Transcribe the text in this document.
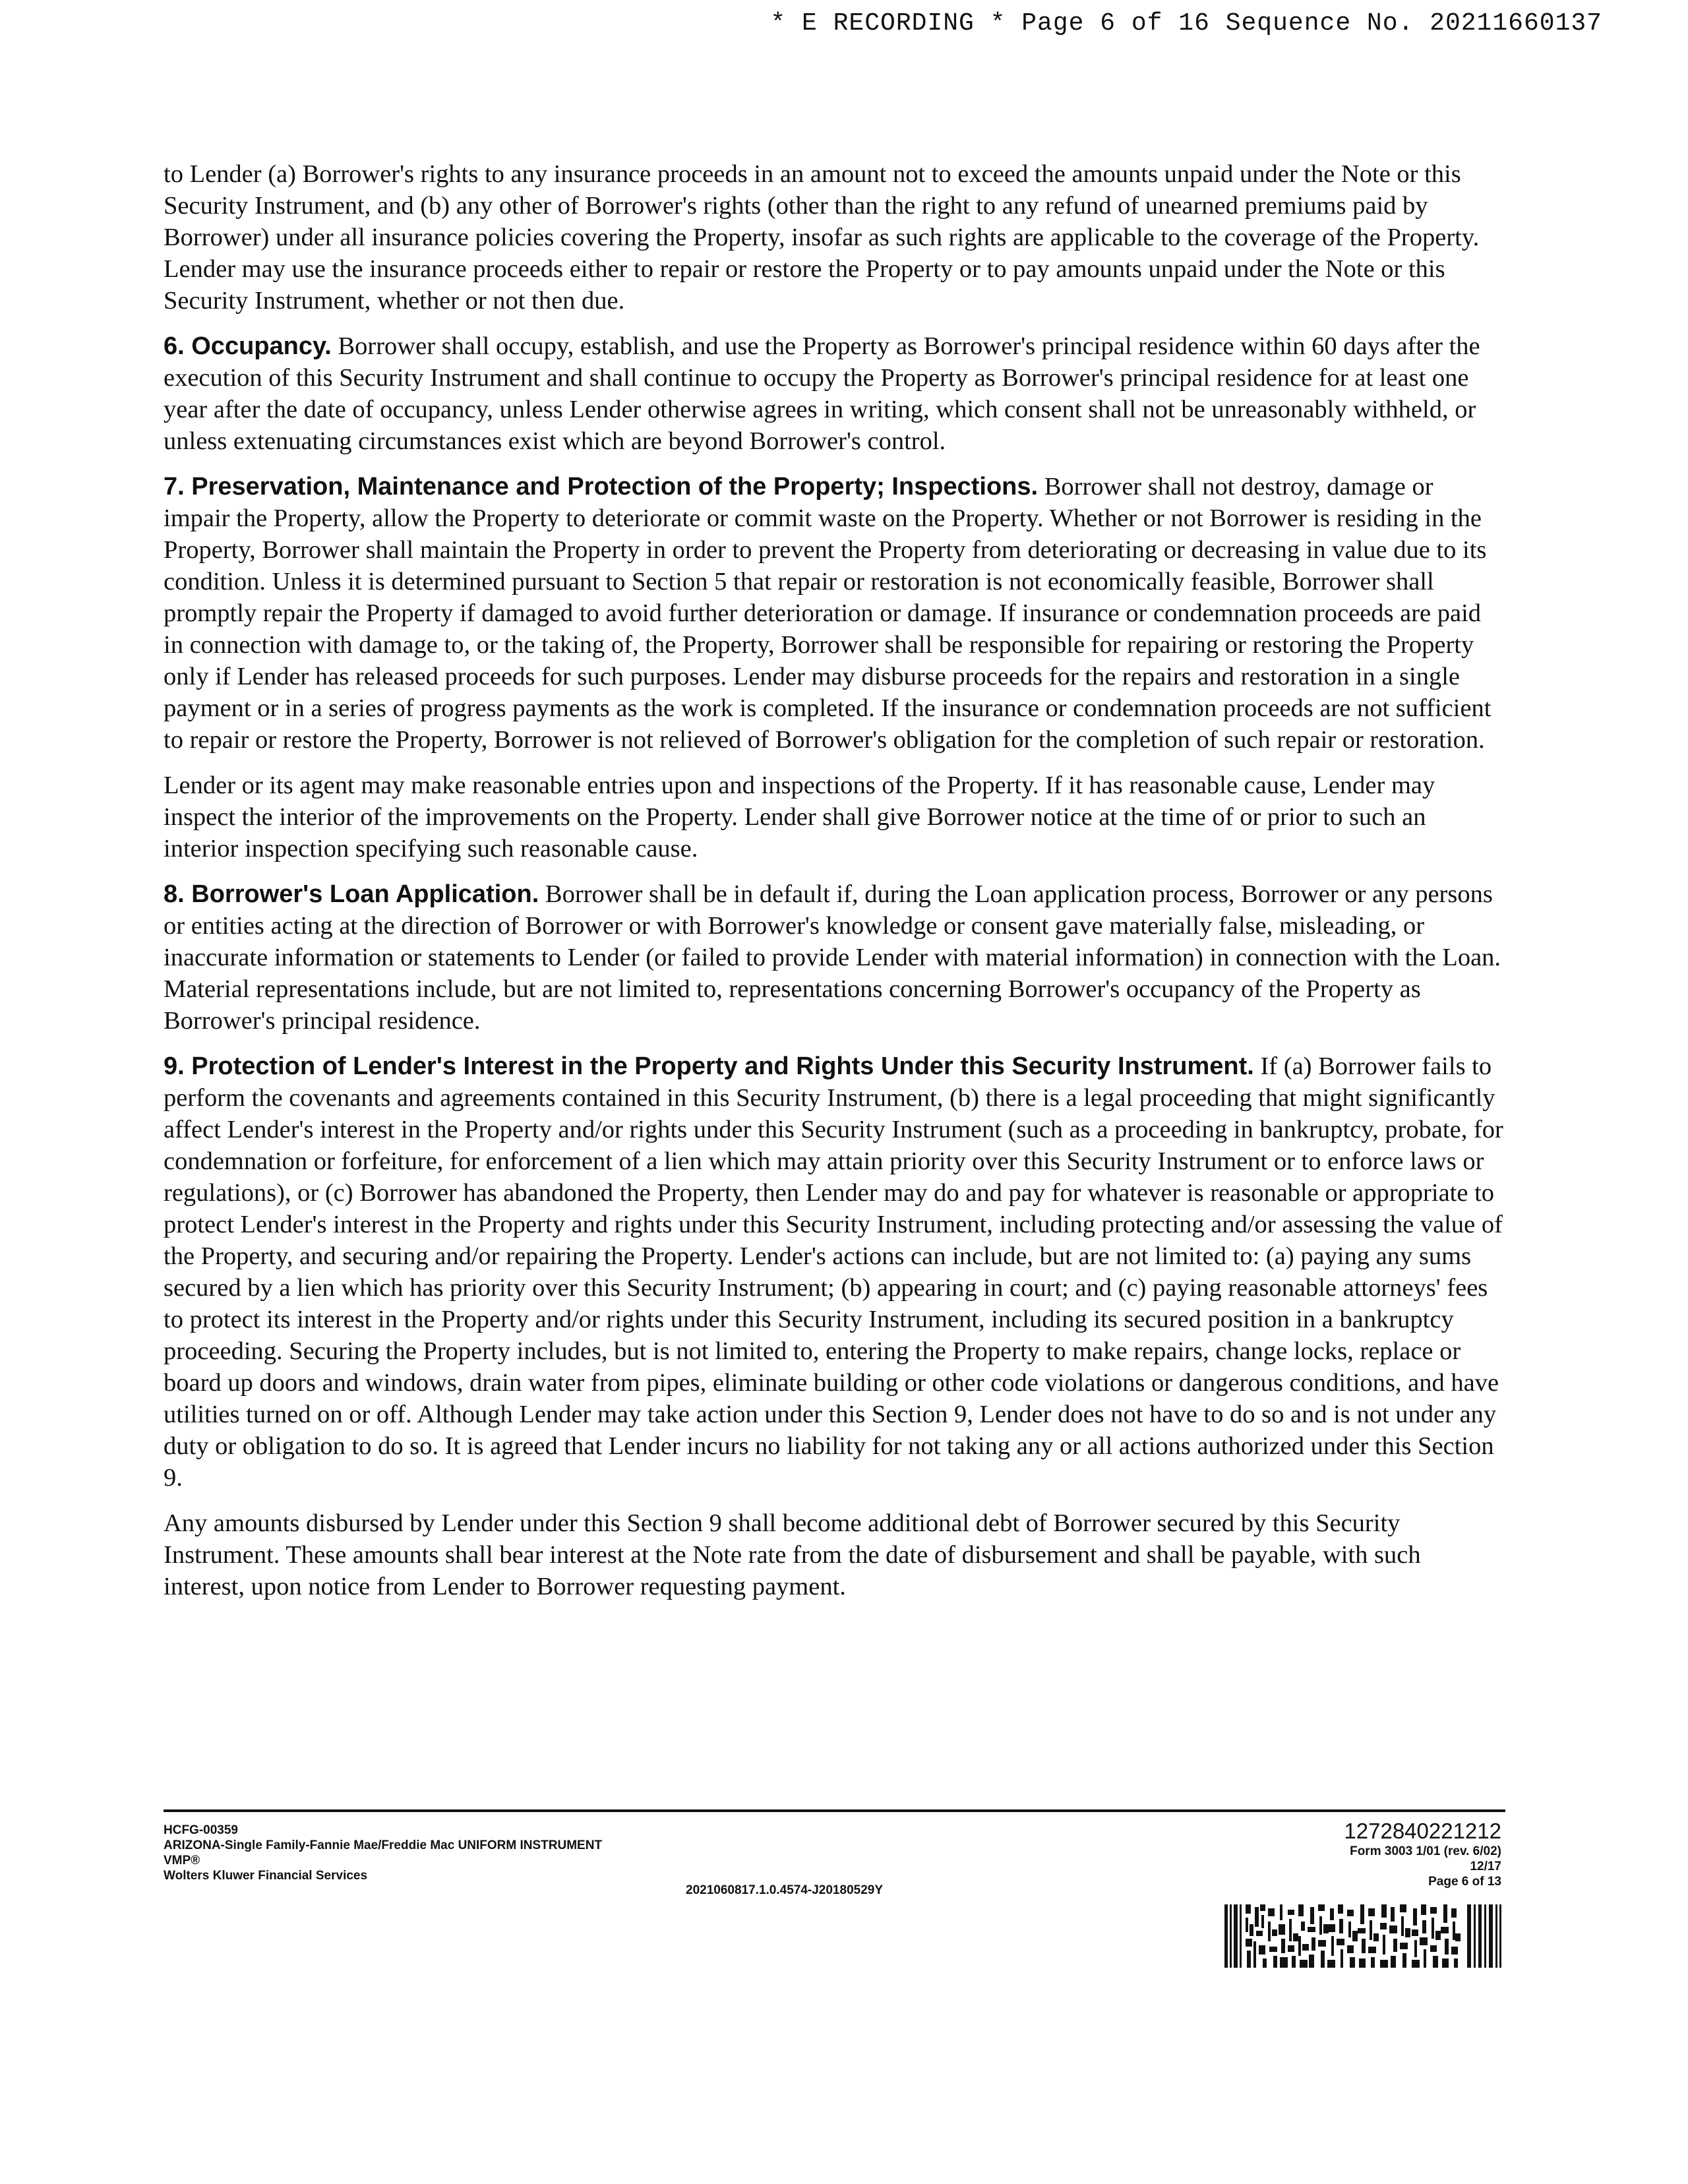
* E RECORDING * Page 6 of 16 Sequence No. 20211660137

to Lender (a) Borrower's rights to any insurance proceeds in an amount not to exceed the amounts unpaid under the Note or this Security Instrument, and (b) any other of Borrower's rights (other than the right to any refund of unearned premiums paid by Borrower) under all insurance policies covering the Property, insofar as such rights are applicable to the coverage of the Property. Lender may use the insurance proceeds either to repair or restore the Property or to pay amounts unpaid under the Note or this Security Instrument, whether or not then due.

6. Occupancy. Borrower shall occupy, establish, and use the Property as Borrower's principal residence within 60 days after the execution of this Security Instrument and shall continue to occupy the Property as Borrower's principal residence for at least one year after the date of occupancy, unless Lender otherwise agrees in writing, which consent shall not be unreasonably withheld, or unless extenuating circumstances exist which are beyond Borrower's control.

7. Preservation, Maintenance and Protection of the Property; Inspections. Borrower shall not destroy, damage or impair the Property, allow the Property to deteriorate or commit waste on the Property. Whether or not Borrower is residing in the Property, Borrower shall maintain the Property in order to prevent the Property from deteriorating or decreasing in value due to its condition. Unless it is determined pursuant to Section 5 that repair or restoration is not economically feasible, Borrower shall promptly repair the Property if damaged to avoid further deterioration or damage. If insurance or condemnation proceeds are paid in connection with damage to, or the taking of, the Property, Borrower shall be responsible for repairing or restoring the Property only if Lender has released proceeds for such purposes. Lender may disburse proceeds for the repairs and restoration in a single payment or in a series of progress payments as the work is completed. If the insurance or condemnation proceeds are not sufficient to repair or restore the Property, Borrower is not relieved of Borrower's obligation for the completion of such repair or restoration.

Lender or its agent may make reasonable entries upon and inspections of the Property. If it has reasonable cause, Lender may inspect the interior of the improvements on the Property. Lender shall give Borrower notice at the time of or prior to such an interior inspection specifying such reasonable cause.

8. Borrower's Loan Application. Borrower shall be in default if, during the Loan application process, Borrower or any persons or entities acting at the direction of Borrower or with Borrower's knowledge or consent gave materially false, misleading, or inaccurate information or statements to Lender (or failed to provide Lender with material information) in connection with the Loan. Material representations include, but are not limited to, representations concerning Borrower's occupancy of the Property as Borrower's principal residence.

9. Protection of Lender's Interest in the Property and Rights Under this Security Instrument. If (a) Borrower fails to perform the covenants and agreements contained in this Security Instrument, (b) there is a legal proceeding that might significantly affect Lender's interest in the Property and/or rights under this Security Instrument (such as a proceeding in bankruptcy, probate, for condemnation or forfeiture, for enforcement of a lien which may attain priority over this Security Instrument or to enforce laws or regulations), or (c) Borrower has abandoned the Property, then Lender may do and pay for whatever is reasonable or appropriate to protect Lender's interest in the Property and rights under this Security Instrument, including protecting and/or assessing the value of the Property, and securing and/or repairing the Property. Lender's actions can include, but are not limited to: (a) paying any sums secured by a lien which has priority over this Security Instrument; (b) appearing in court; and (c) paying reasonable attorneys' fees to protect its interest in the Property and/or rights under this Security Instrument, including its secured position in a bankruptcy proceeding. Securing the Property includes, but is not limited to, entering the Property to make repairs, change locks, replace or board up doors and windows, drain water from pipes, eliminate building or other code violations or dangerous conditions, and have utilities turned on or off. Although Lender may take action under this Section 9, Lender does not have to do so and is not under any duty or obligation to do so. It is agreed that Lender incurs no liability for not taking any or all actions authorized under this Section 9.

Any amounts disbursed by Lender under this Section 9 shall become additional debt of Borrower secured by this Security Instrument. These amounts shall bear interest at the Note rate from the date of disbursement and shall be payable, with such interest, upon notice from Lender to Borrower requesting payment.

HCFG-00359
ARIZONA-Single Family-Fannie Mae/Freddie Mac UNIFORM INSTRUMENT
VMP®
Wolters Kluwer Financial Services
2021060817.1.0.4574-J20180529Y
1272840221212
Form 3003 1/01 (rev. 6/02)
12/17
Page 6 of 13
